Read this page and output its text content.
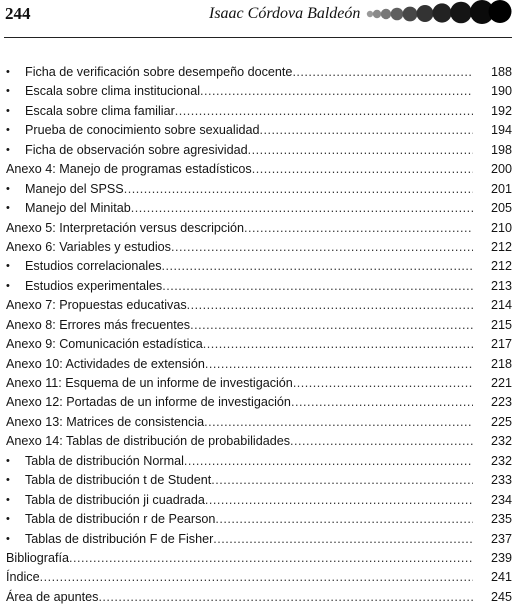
244	Isaac Córdova Baldeón
• Ficha de verificación sobre desempeño docente .....	188
• Escala sobre clima institucional .....	190
• Escala sobre clima familiar .....	192
• Prueba de conocimiento sobre sexualidad .....	194
• Ficha de observación sobre agresividad .....	198
Anexo 4: Manejo de programas estadísticos .....	200
• Manejo del SPSS .....	201
• Manejo del Minitab .....	205
Anexo 5: Interpretación versus descripción .....	210
Anexo 6: Variables y estudios .....	212
• Estudios correlacionales .....	212
• Estudios experimentales .....	213
Anexo 7: Propuestas educativas .....	214
Anexo 8: Errores más frecuentes .....	215
Anexo 9: Comunicación estadística .....	217
Anexo 10: Actividades de extensión .....	218
Anexo 11: Esquema de un informe de investigación .....	221
Anexo 12: Portadas de un informe de investigación .....	223
Anexo 13: Matrices de consistencia .....	225
Anexo 14: Tablas de distribución de probabilidades .....	232
• Tabla de distribución Normal .....	232
• Tabla de distribución t de Student .....	233
• Tabla de distribución ji cuadrada .....	234
• Tabla de distribución r de Pearson .....	235
• Tablas de distribución F de Fisher .....	237
Bibliografía .....	239
Índice .....	241
Área de apuntes .....	245
